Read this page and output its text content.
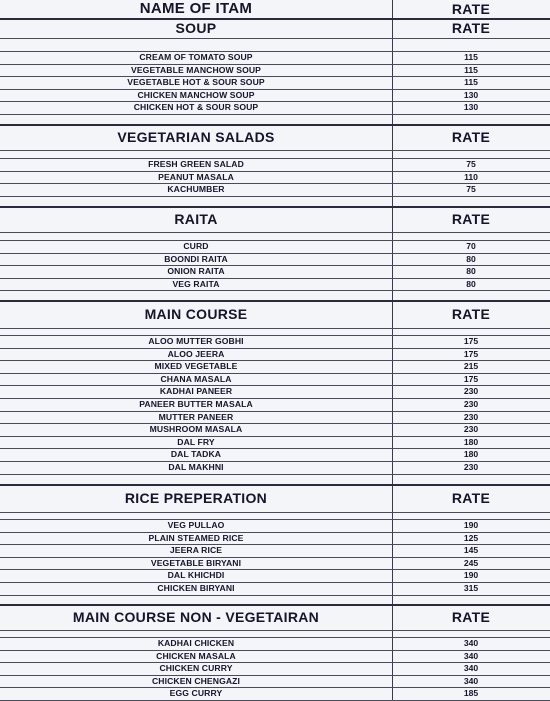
NAME OF ITAM	RATE
SOUP	RATE
CREAM OF TOMATO SOUP	115
VEGETABLE MANCHOW SOUP	115
VEGETABLE HOT & SOUR SOUP	115
CHICKEN MANCHOW SOUP	130
CHICKEN HOT & SOUR SOUP	130
VEGETARIAN SALADS	RATE
FRESH GREEN SALAD	75
PEANUT MASALA	110
KACHUMBER	75
RAITA	RATE
CURD	70
BOONDI RAITA	80
ONION RAITA	80
VEG RAITA	80
MAIN COURSE	RATE
ALOO MUTTER GOBHI	175
ALOO JEERA	175
MIXED VEGETABLE	215
CHANA MASALA	175
KADHAI PANEER	230
PANEER BUTTER MASALA	230
MUTTER PANEER	230
MUSHROOM MASALA	230
DAL FRY	180
DAL TADKA	180
DAL MAKHNI	230
RICE PREPERATION	RATE
VEG PULLAO	190
PLAIN STEAMED RICE	125
JEERA RICE	145
VEGETABLE BIRYANI	245
DAL KHICHDI	190
CHICKEN BIRYANI	315
MAIN COURSE NON - VEGETAIRAN	RATE
KADHAI CHICKEN	340
CHICKEN MASALA	340
CHICKEN CURRY	340
CHICKEN CHENGAZI	340
EGG CURRY	185
